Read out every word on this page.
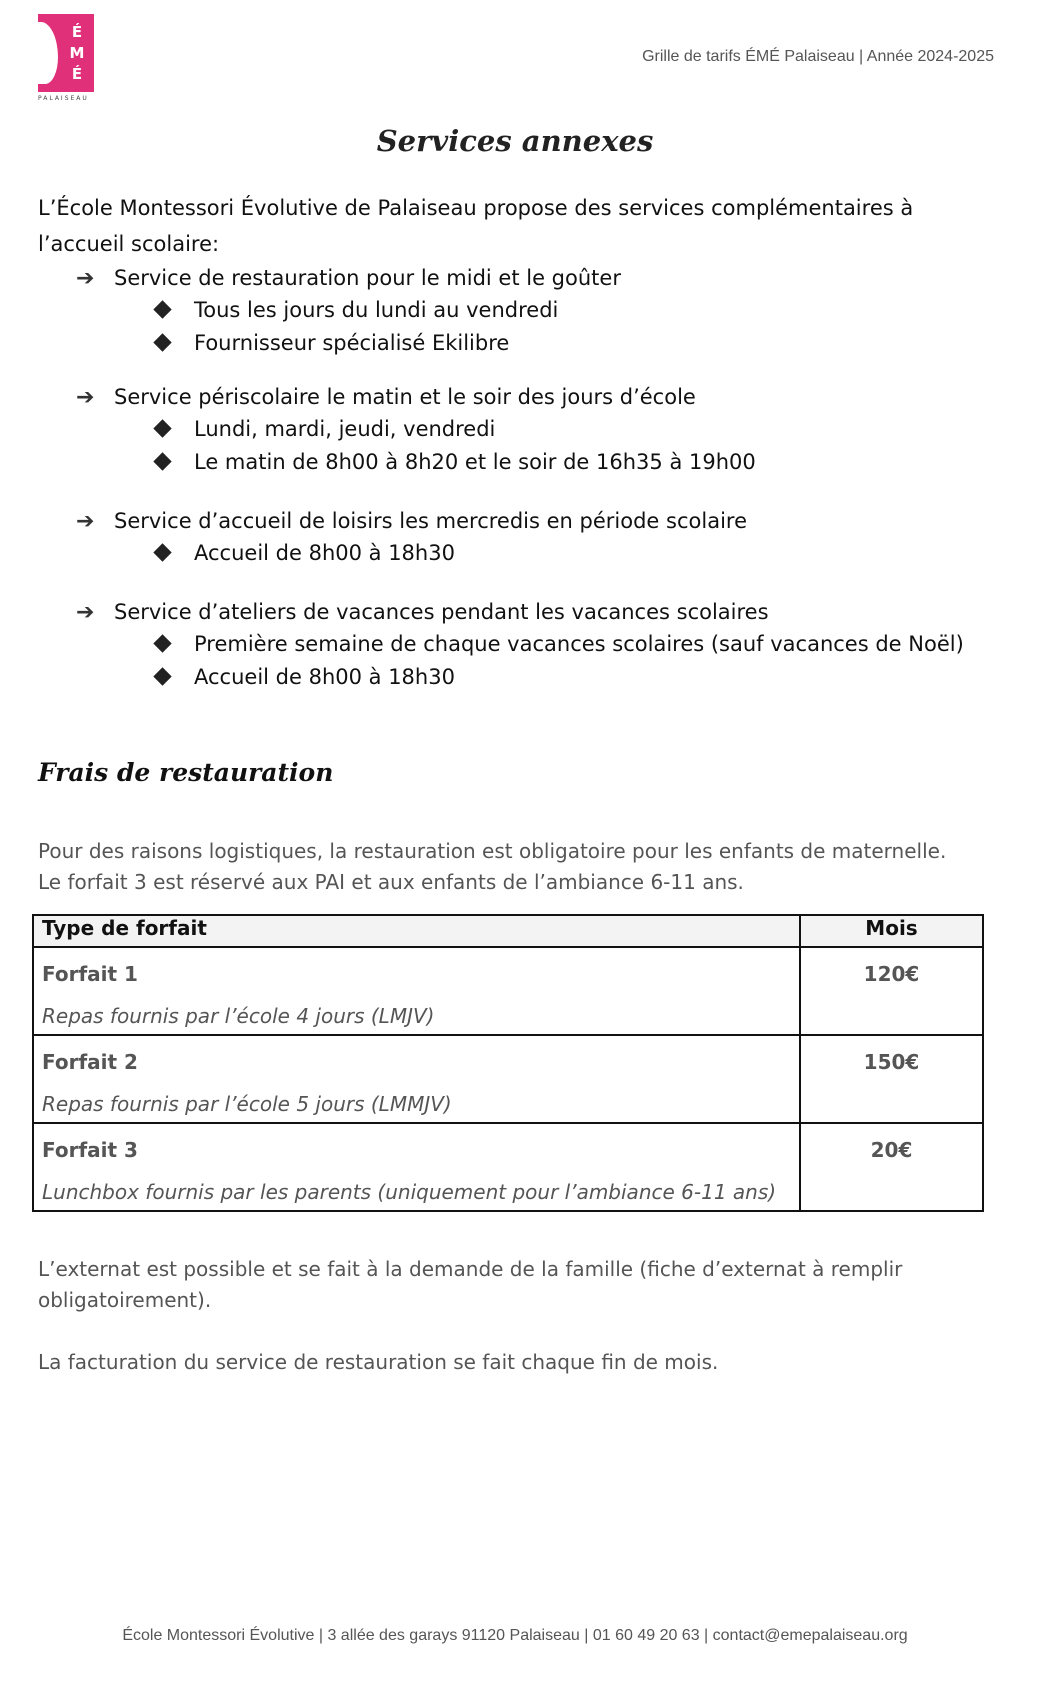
É
M
É
PALAISEAU
Grille de tarifs ÉMÉ Palaiseau | Année 2024-2025
Services annexes
L’École Montessori Évolutive de Palaiseau propose des services complémentaires à l’accueil scolaire:
➔ Service de restauration pour le midi et le goûter
Tous les jours du lundi au vendredi
Fournisseur spécialisé Ekilibre
➔ Service périscolaire le matin et le soir des jours d’école
Lundi, mardi, jeudi, vendredi
Le matin de 8h00 à 8h20 et le soir de 16h35 à 19h00
➔ Service d’accueil de loisirs les mercredis en période scolaire
Accueil de 8h00 à 18h30
➔ Service d’ateliers de vacances pendant les vacances scolaires
Première semaine de chaque vacances scolaires (sauf vacances de Noël)
Accueil de 8h00 à 18h30
Frais de restauration
Pour des raisons logistiques, la restauration est obligatoire pour les enfants de maternelle.
Le forfait 3 est réservé aux PAI et aux enfants de l’ambiance 6-11 ans.
Type de forfait	Mois

Forfait 1
Repas fournis par l’école 4 jours (LMJV)	120€

Forfait 2
Repas fournis par l’école 5 jours (LMMJV)	150€

Forfait 3
Lunchbox fournis par les parents (uniquement pour l’ambiance 6-11 ans)	20€
L’externat est possible et se fait à la demande de la famille (fiche d’externat à remplir obligatoirement).
La facturation du service de restauration se fait chaque fin de mois.
École Montessori Évolutive | 3 allée des garays 91120 Palaiseau | 01 60 49 20 63 | contact@emepalaiseau.org
